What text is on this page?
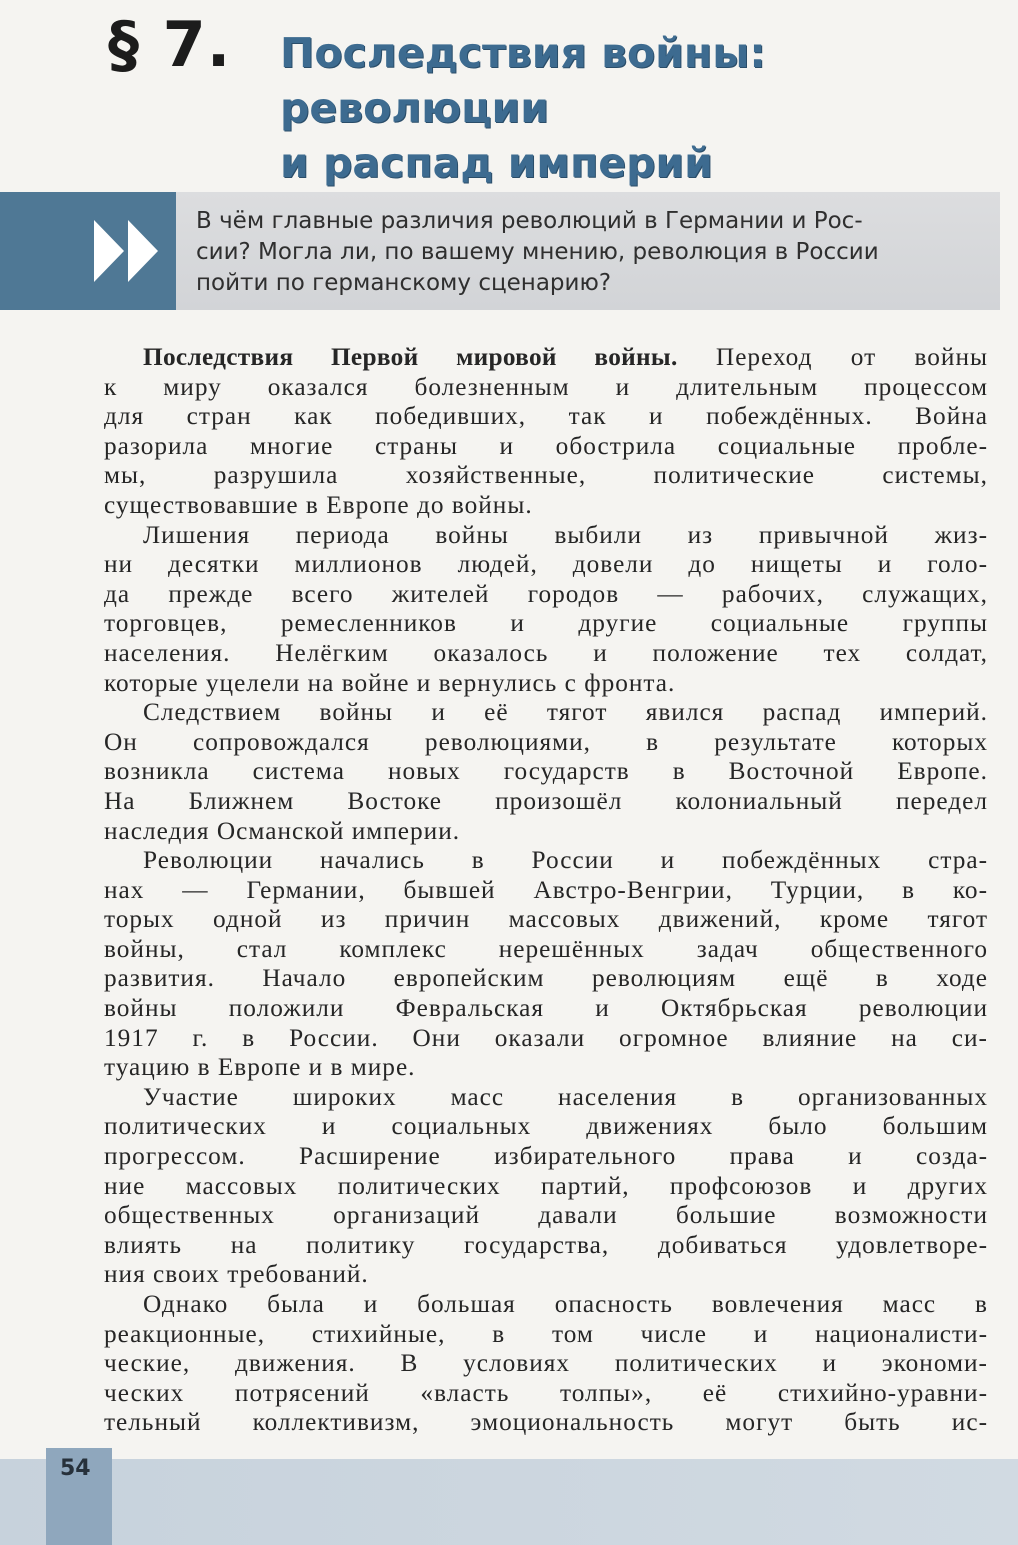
§ 7. Последствия войны:
революции
и распад империй
В чём главные различия революций в Германии и Рос-
сии? Могла ли, по вашему мнению, революция в России
пойти по германскому сценарию?
Последствия Первой мировой войны. Переход от войны
к миру оказался болезненным и длительным процессом
для стран как победивших, так и побеждённых. Война
разорила многие страны и обострила социальные пробле-
мы, разрушила хозяйственные, политические системы,
существовавшие в Европе до войны.
Лишения периода войны выбили из привычной жиз-
ни десятки миллионов людей, довели до нищеты и голо-
да прежде всего жителей городов — рабочих, служащих,
торговцев, ремесленников и другие социальные группы
населения. Нелёгким оказалось и положение тех солдат,
которые уцелели на войне и вернулись с фронта.
Следствием войны и её тягот явился распад империй.
Он сопровождался революциями, в результате которых
возникла система новых государств в Восточной Европе.
На Ближнем Востоке произошёл колониальный передел
наследия Османской империи.
Революции начались в России и побеждённых стра-
нах — Германии, бывшей Австро-Венгрии, Турции, в ко-
торых одной из причин массовых движений, кроме тягот
войны, стал комплекс нерешённых задач общественного
развития. Начало европейским революциям ещё в ходе
войны положили Февральская и Октябрьская революции
1917 г. в России. Они оказали огромное влияние на си-
туацию в Европе и в мире.
Участие широких масс населения в организованных
политических и социальных движениях было большим
прогрессом. Расширение избирательного права и созда-
ние массовых политических партий, профсоюзов и других
общественных организаций давали большие возможности
влиять на политику государства, добиваться удовлетворе-
ния своих требований.
Однако была и большая опасность вовлечения масс в
реакционные, стихийные, в том числе и националисти-
ческие, движения. В условиях политических и экономи-
ческих потрясений «власть толпы», её стихийно-уравни-
тельный коллективизм, эмоциональность могут быть ис-
54
